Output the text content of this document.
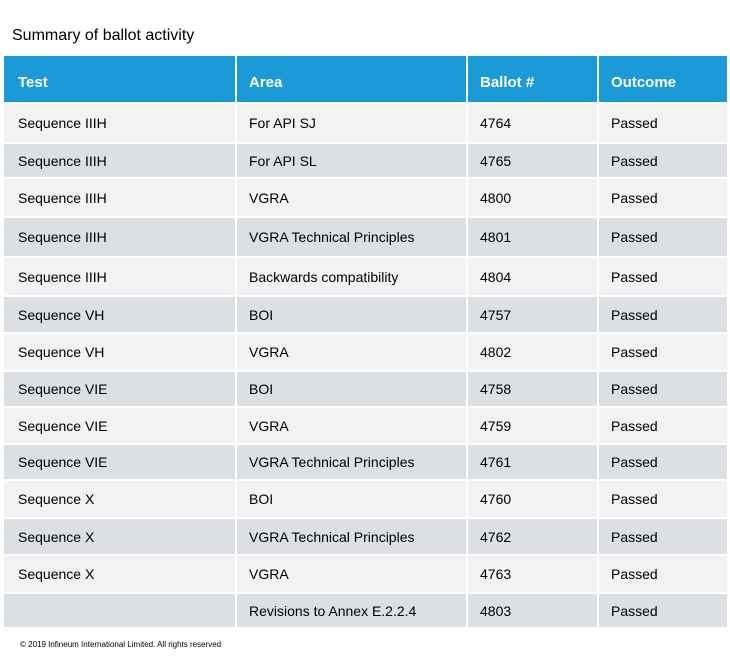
Summary of ballot activity
Test	Area	Ballot #	Outcome
Sequence IIIH	For API SJ	4764	Passed
Sequence IIIH	For API SL	4765	Passed
Sequence IIIH	VGRA	4800	Passed
Sequence IIIH	VGRA Technical Principles	4801	Passed
Sequence IIIH	Backwards compatibility	4804	Passed
Sequence VH	BOI	4757	Passed
Sequence VH	VGRA	4802	Passed
Sequence VIE	BOI	4758	Passed
Sequence VIE	VGRA	4759	Passed
Sequence VIE	VGRA Technical Principles	4761	Passed
Sequence X	BOI	4760	Passed
Sequence X	VGRA Technical Principles	4762	Passed
Sequence X	VGRA	4763	Passed
	Revisions to Annex E.2.2.4	4803	Passed
© 2019 Infineum International Limited. All rights reserved
